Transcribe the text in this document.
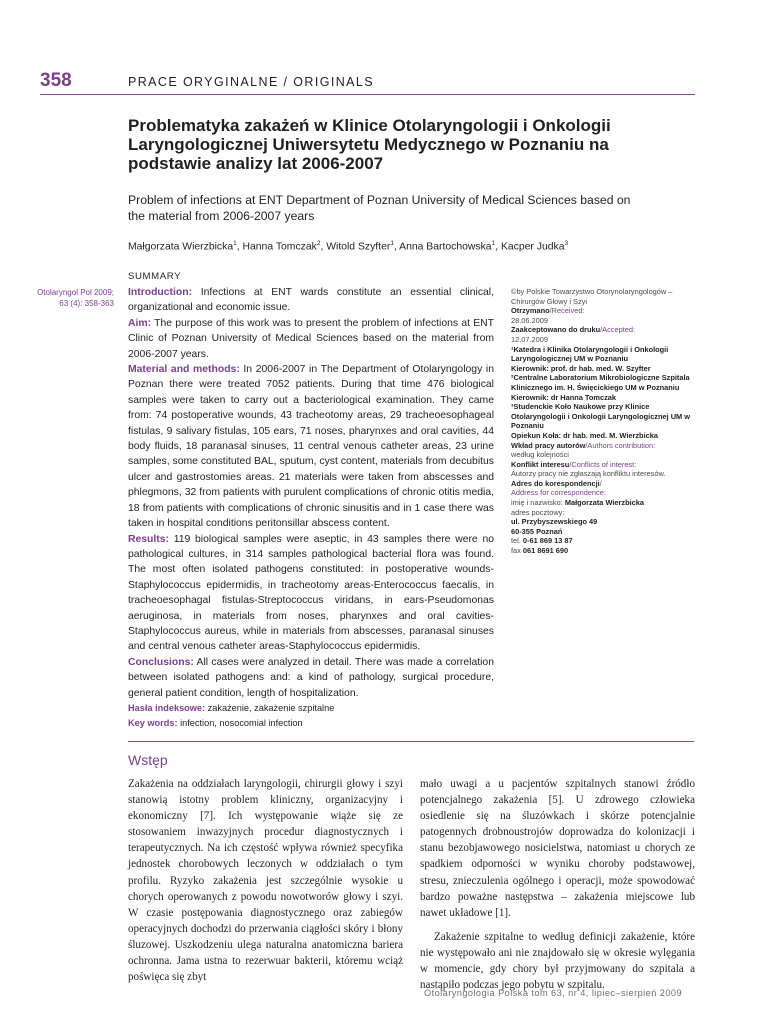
358	PRACE ORYGINALNE / ORIGINALS
Problematyka zakażeń w Klinice Otolaryngologii i Onkologii Laryngologicznej Uniwersytetu Medycznego w Poznaniu na podstawie analizy lat 2006-2007
Problem of infections at ENT Department of Poznan University of Medical Sciences based on the material from 2006-2007 years
Małgorzata Wierzbicka$^1$, Hanna Tomczak$^2$, Witold Szyfter$^1$, Anna Bartochowska$^1$, Kacper Judka$^3$
Otolaryngol Pol 2009;
63 (4): 358-363
SUMMARY

Introduction: Infections at ENT wards constitute an essential clinical, organizational and economic issue.

Aim: The purpose of this work was to present the problem of infections at ENT Clinic of Poznan University of Medical Sciences based on the material from 2006-2007 years.

Material and methods: In 2006-2007 in The Department of Otolaryngology in Poznan there were treated 7052 patients. During that time 476 biological samples were taken to carry out a bacteriological examination. They came from: 74 postoperative wounds, 43 tracheotomy areas, 29 tracheoesophageal fistulas, 9 salivary fistulas, 105 ears, 71 noses, pharynxes and oral cavities, 44 body fluids, 18 paranasal sinuses, 11 central venous catheter areas, 23 urine samples, some constituted BAL, sputum, cyst content, materials from decubitus ulcer and gastrostomies areas. 21 materials were taken from abscesses and phlegmons, 32 from patients with purulent complications of chronic otitis media, 18 from patients with complications of chronic sinusitis and in 1 case there was taken in hospital conditions peritonsillar abscess content.

Results: 119 biological samples were aseptic, in 43 samples there were no pathological cultures, in 314 samples pathological bacterial flora was found. The most often isolated pathogens constituted: in postoperative wounds-Staphylococcus epidermidis, in tracheotomy areas-Enterococcus faecalis, in tracheoesophagal fistulas-Streptococcus viridans, in ears-Pseudomonas aeruginosa, in materials from noses, pharynxes and oral cavities-Staphylococcus aureus, while in materials from abscesses, paranasal sinuses and central venous catheter areas-Staphylococcus epidermidis.

Conclusions: All cases were analyzed in detail. There was made a correlation between isolated pathogens and: a kind of pathology, surgical procedure, general patient condition, length of hospitalization.

Hasła indeksowe: zakażenie, zakażenie szpitalne
Key words: infection, nosocomial infection

©by Polskie Towarzystwo Otorynolaryngologów – Chirurgów Głowy i Szyi
Otrzymano/Received:
28.06.2009
Zaakceptowano do druku/Accepted:
12.07.2009
¹Katedra i Klinika Otolaryngologii i Onkologii Laryngologicznej UM w Poznaniu
Kierownik: prof. dr hab. med. W. Szyfter
²Centralne Laboratorium Mikrobiologiczne Szpitala Klinicznego im. H. Święcickiego UM w Poznaniu
Kierownik: dr Hanna Tomczak
³Studenckie Koło Naukowe przy Klinice Otolaryngologii i Onkologii Laryngologicznej UM w Poznaniu
Opiekun Koła: dr hab. med. M. Wierzbicka
Wkład pracy autorów/Authors contribution:
według kolejności
Konflikt interesu/Conflicts of interest:
Autorzy pracy nie zgłaszają konfliktu interesów.
Adres do korespondencji/
Address for correspondence:
imię i nazwisko: Małgorzata Wierzbicka
adres pocztowy:
ul. Przybyszewskiego 49
60-355 Poznań
tel. 0-61 869 13 87
fax 061 8691 690
Wstęp

Zakażenia na oddziałach laryngologii, chirurgii głowy i szyi stanowią istotny problem kliniczny, organizacyjny i ekonomiczny [7]. Ich występowanie wiąże się ze stosowaniem inwazyjnych procedur diagnostycznych i terapeutycznych. Na ich częstość wpływa również specyfika jednostek chorobowych leczonych w oddziałach o tym profilu. Ryzyko zakażenia jest szczególnie wysokie u chorych operowanych z powodu nowotworów głowy i szyi. W czasie postępowania diagnostycznego oraz zabiegów operacyjnych dochodzi do przerwania ciągłości skóry i błony śluzowej. Uszkodzeniu ulega naturalna anatomiczna bariera ochronna. Jama ustna to rezerwuar bakterii, któremu wciąż poświęca się zbyt

mało uwagi a u pacjentów szpitalnych stanowi źródło potencjalnego zakażenia [5]. U zdrowego człowieka osiedlenie się na śluzówkach i skórze potencjalnie patogennych drobnoustrojów doprowadza do kolonizacji i stanu bezobjawowego nosicielstwa, natomiast u chorych ze spadkiem odporności w wyniku choroby podstawowej, stresu, znieczulenia ogólnego i operacji, może spowodować bardzo poważne następstwa – zakażenia miejscowe lub nawet układowe [1].

Zakażenie szpitalne to według definicji zakażenie, które nie występowało ani nie znajdowało się w okresie wylęgania w momencie, gdy chory był przyjmowany do szpitala a nastąpiło podczas jego pobytu w szpitalu.

Otolaryngologia Polska tom 63, nr 4, lipiec–sierpień 2009
